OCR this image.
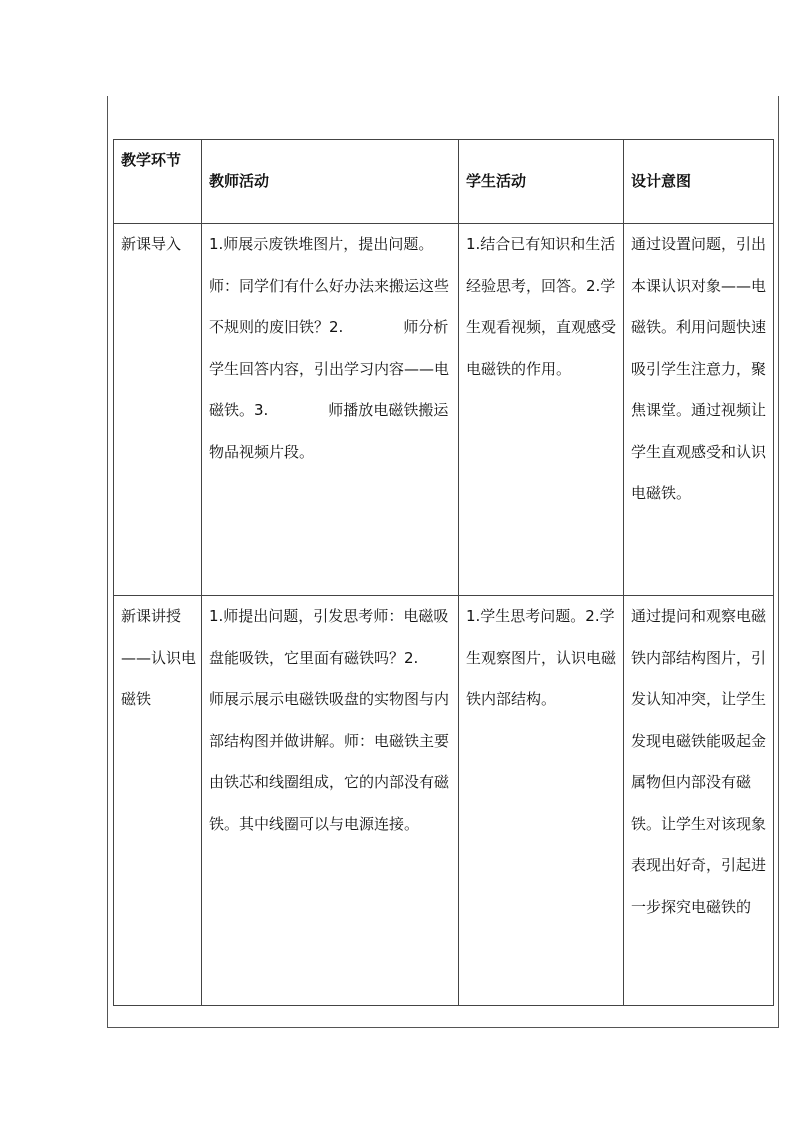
教学环节	教师活动	学生活动	设计意图
新课导入	1.师展示废铁堆图片，提出问题。师：同学们有什么好办法来搬运这些不规则的废旧铁？2.　　　　师分析学生回答内容，引出学习内容——电磁铁。3.　　　　师播放电磁铁搬运物品视频片段。	1.结合已有知识和生活经验思考，回答。2.学生观看视频，直观感受电磁铁的作用。	通过设置问题，引出本课认识对象——电磁铁。利用问题快速吸引学生注意力，聚焦课堂。通过视频让学生直观感受和认识电磁铁。
新课讲授——认识电磁铁	1.师提出问题，引发思考师：电磁吸盘能吸铁，它里面有磁铁吗？2.　　　　师展示展示电磁铁吸盘的实物图与内部结构图并做讲解。师：电磁铁主要由铁芯和线圈组成，它的内部没有磁铁。其中线圈可以与电源连接。	1.学生思考问题。2.学生观察图片，认识电磁铁内部结构。	通过提问和观察电磁铁内部结构图片，引发认知冲突，让学生发现电磁铁能吸起金属物但内部没有磁铁。让学生对该现象表现出好奇，引起进一步探究电磁铁的
